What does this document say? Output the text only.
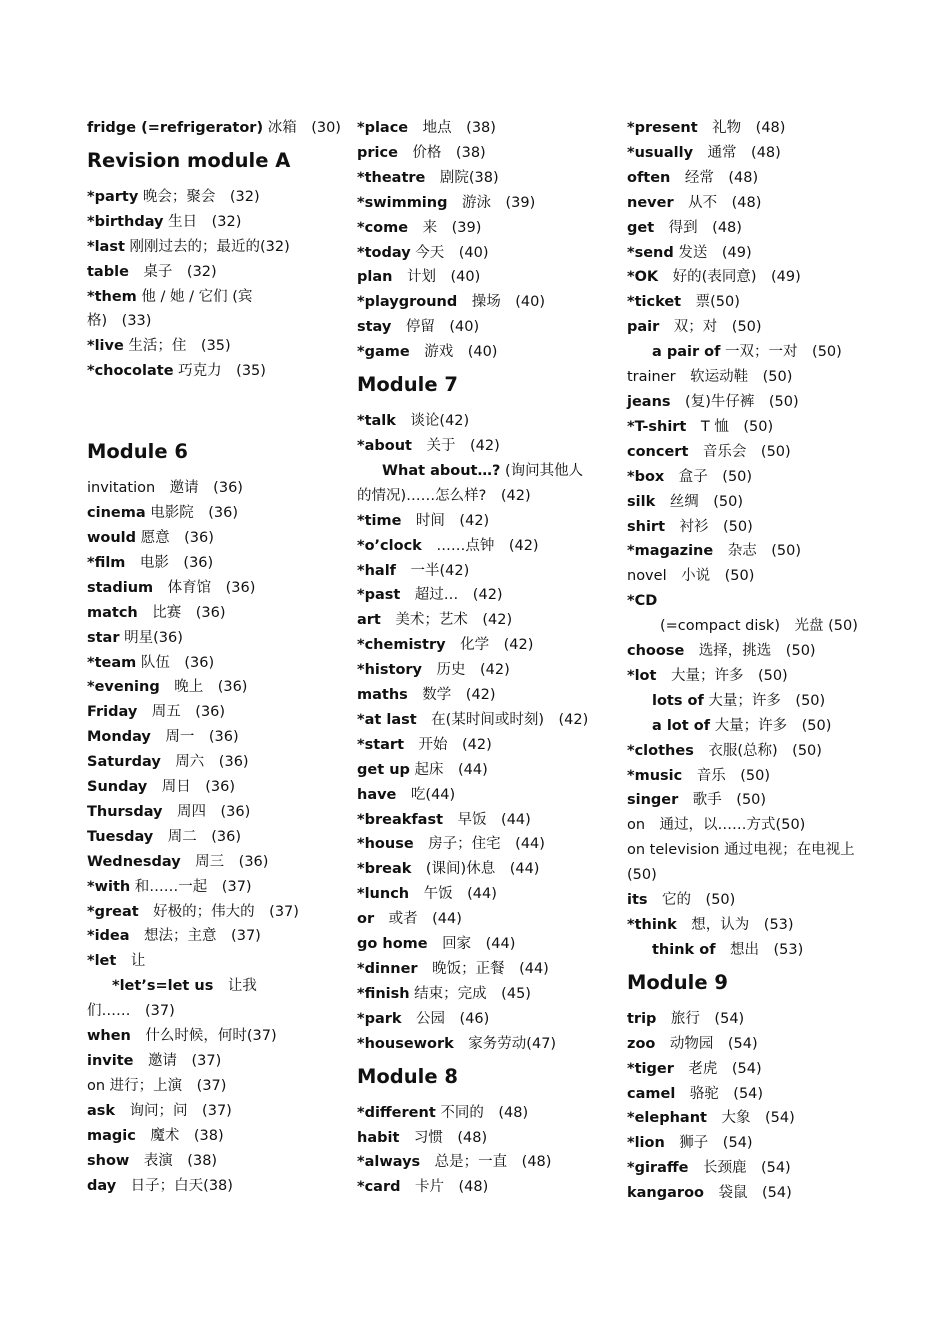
fridge (=refrigerator) 冰箱　(30)
Revision module A
*party 晚会；聚会　(32)
*birthday 生日　(32)
*last 刚刚过去的；最近的(32)
table　桌子　(32)
*them 他 / 她 / 它们 (宾
格)　(33)
*live 生活；住　(35)
*chocolate 巧克力　(35)
Module 6
invitation　邀请　(36)
cinema 电影院　(36)
would 愿意　(36)
*film　电影　(36)
stadium　体育馆　(36)
match　比赛　(36)
star 明星(36)
*team 队伍　(36)
*evening　晚上　(36)
Friday　周五　(36)
Monday　周一　(36)
Saturday　周六　(36)
Sunday　周日　(36)
Thursday　周四　(36)
Tuesday　周二　(36)
Wednesday　周三　(36)
*with 和……一起　(37)
*great　好极的；伟大的　(37)
*idea　想法；主意　(37)
*let　让
*let’s=let us　让我
们……　(37)
when　什么时候，何时(37)
invite　邀请　(37)
on 进行；上演　(37)
ask　询问；问　(37)
magic　魔术　(38)
show　表演　(38)
day　日子；白天(38)
*place　地点　(38)
price　价格　(38)
*theatre　剧院(38)
*swimming　游泳　(39)
*come　来　(39)
*today 今天　(40)
plan　计划　(40)
*playground　操场　(40)
stay　停留　(40)
*game　游戏　(40)
Module 7
*talk　谈论(42)
*about　关于　(42)
What about…? (询问其他人
的情况)……怎么样?　(42)
*time　时间　(42)
*o’clock　……点钟　(42)
*half　一半(42)
*past　超过…　(42)
art　美术；艺术　(42)
*chemistry　化学　(42)
*history　历史　(42)
maths　数学　(42)
*at last　在(某时间或时刻)　(42)
*start　开始　(42)
get up 起床　(44)
have　吃(44)
*breakfast　早饭　(44)
*house　房子；住宅　(44)
*break　(课间)休息　(44)
*lunch　午饭　(44)
or　或者　(44)
go home　回家　(44)
*dinner　晚饭；正餐　(44)
*finish 结束；完成　(45)
*park　公园　(46)
*housework　家务劳动(47)
Module 8
*different 不同的　(48)
habit　习惯　(48)
*always　总是；一直　(48)
*card　卡片　(48)
*present　礼物　(48)
*usually　通常　(48)
often　经常　(48)
never　从不　(48)
get　得到　(48)
*send 发送　(49)
*OK　好的(表同意)　(49)
*ticket　票(50)
pair　双；对　(50)
a pair of 一双；一对　(50)
trainer　软运动鞋　(50)
jeans　(复)牛仔裤　(50)
*T-shirt　T 恤　(50)
concert　音乐会　(50)
*box　盒子　(50)
silk　丝绸　(50)
shirt　衬衫　(50)
*magazine　杂志　(50)
novel　小说　(50)
*CD
(=compact disk)　光盘 (50)
choose　选择，挑选　(50)
*lot　大量；许多　(50)
lots of 大量；许多　(50)
a lot of 大量；许多　(50)
*clothes　衣服(总称)　(50)
*music　音乐　(50)
singer　歌手　(50)
on　通过，以……方式(50)
on television 通过电视；在电视上
(50)
its　它的　(50)
*think　想，认为　(53)
think of　想出　(53)
Module 9
trip　旅行　(54)
zoo　动物园　(54)
*tiger　老虎　(54)
camel　骆驼　(54)
*elephant　大象　(54)
*lion　狮子　(54)
*giraffe　长颈鹿　(54)
kangaroo　袋鼠　(54)
